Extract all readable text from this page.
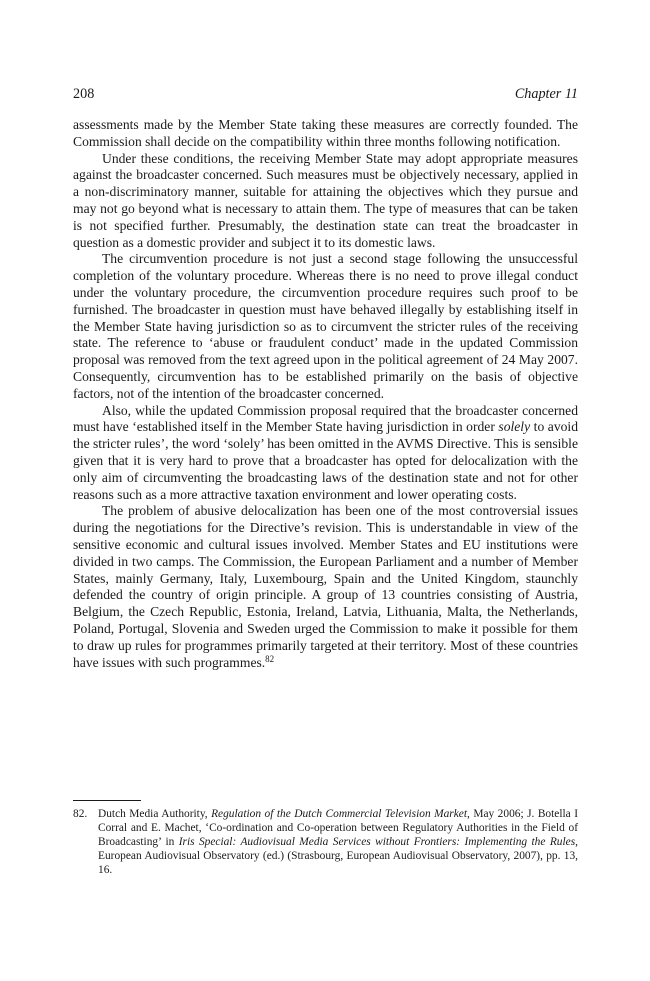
208	Chapter 11

assessments made by the Member State taking these measures are correctly founded. The Commission shall decide on the compatibility within three months following notification.

Under these conditions, the receiving Member State may adopt appropriate measures against the broadcaster concerned. Such measures must be objectively necessary, applied in a non-discriminatory manner, suitable for attaining the objectives which they pursue and may not go beyond what is necessary to attain them. The type of measures that can be taken is not specified further. Presumably, the destination state can treat the broadcaster in question as a domestic provider and subject it to its domestic laws.

The circumvention procedure is not just a second stage following the unsuccessful completion of the voluntary procedure. Whereas there is no need to prove illegal conduct under the voluntary procedure, the circumvention procedure requires such proof to be furnished. The broadcaster in question must have behaved illegally by establishing itself in the Member State having jurisdiction so as to circumvent the stricter rules of the receiving state. The reference to ‘abuse or fraudulent conduct’ made in the updated Commission proposal was removed from the text agreed upon in the political agreement of 24 May 2007. Consequently, circumvention has to be established primarily on the basis of objective factors, not of the intention of the broadcaster concerned.

Also, while the updated Commission proposal required that the broadcaster concerned must have ‘established itself in the Member State having jurisdiction in order solely to avoid the stricter rules’, the word ‘solely’ has been omitted in the AVMS Directive. This is sensible given that it is very hard to prove that a broadcaster has opted for delocalization with the only aim of circumventing the broadcasting laws of the destination state and not for other reasons such as a more attractive taxation environment and lower operating costs.

The problem of abusive delocalization has been one of the most controversial issues during the negotiations for the Directive’s revision. This is understandable in view of the sensitive economic and cultural issues involved. Member States and EU institutions were divided in two camps. The Commission, the European Parliament and a number of Member States, mainly Germany, Italy, Luxembourg, Spain and the United Kingdom, staunchly defended the country of origin principle. A group of 13 countries consisting of Austria, Belgium, the Czech Republic, Estonia, Ireland, Latvia, Lithuania, Malta, the Netherlands, Poland, Portugal, Slovenia and Sweden urged the Commission to make it possible for them to draw up rules for programmes primarily targeted at their territory. Most of these countries have issues with such programmes.$^{82}$

82. Dutch Media Authority, Regulation of the Dutch Commercial Television Market, May 2006; J. Botella I Corral and E. Machet, ‘Co-ordination and Co-operation between Regulatory Authorities in the Field of Broadcasting’ in Iris Special: Audiovisual Media Services without Frontiers: Implementing the Rules, European Audiovisual Observatory (ed.) (Strasbourg, European Audiovisual Observatory, 2007), pp. 13, 16.
